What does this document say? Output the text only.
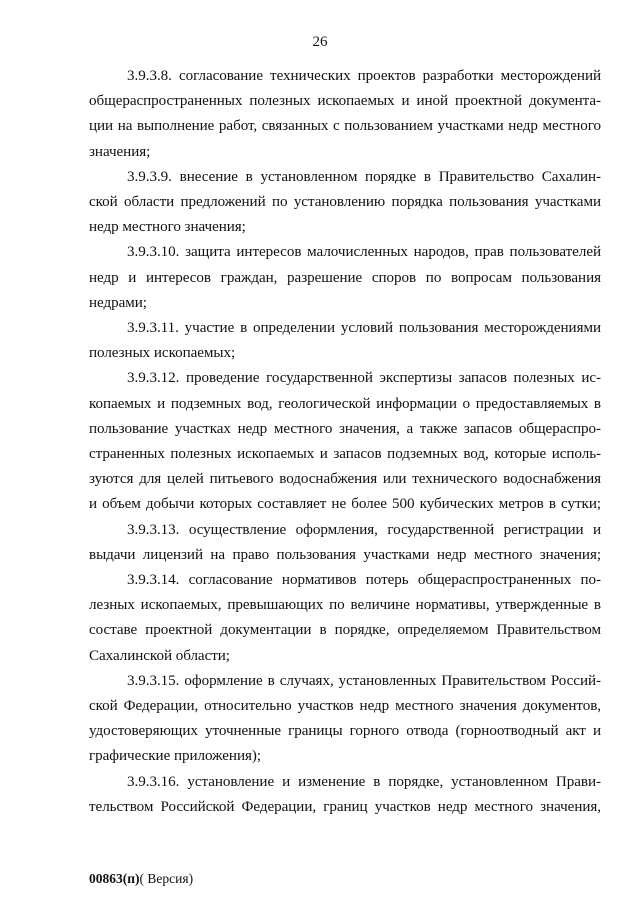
26

3.9.3.8. согласование технических проектов разработки месторождений
общераспространенных полезных ископаемых и иной проектной документа-
ции на выполнение работ, связанных с пользованием участками недр местного
значения;

3.9.3.9. внесение в установленном порядке в Правительство Сахалин-
ской области предложений по установлению порядка пользования участками
недр местного значения;

3.9.3.10. защита интересов малочисленных народов, прав пользователей
недр и интересов граждан, разрешение споров по вопросам пользования
недрами;

3.9.3.11. участие в определении условий пользования месторождениями
полезных ископаемых;

3.9.3.12. проведение государственной экспертизы запасов полезных ис-
копаемых и подземных вод, геологической информации о предоставляемых в
пользование участках недр местного значения, а также запасов общераспро-
страненных полезных ископаемых и запасов подземных вод, которые исполь-
зуются для целей питьевого водоснабжения или технического водоснабжения
и объем добычи которых составляет не более 500 кубических метров в сутки;

3.9.3.13. осуществление оформления, государственной регистрации и
выдачи лицензий на право пользования участками недр местного значения;

3.9.3.14. согласование нормативов потерь общераспространенных по-
лезных ископаемых, превышающих по величине нормативы, утвержденные в
составе проектной документации в порядке, определяемом Правительством
Сахалинской области;

3.9.3.15. оформление в случаях, установленных Правительством Россий-
ской Федерации, относительно участков недр местного значения документов,
удостоверяющих уточненные границы горного отвода (горноотводный акт и
графические приложения);

3.9.3.16. установление и изменение в порядке, установленном Прави-
тельством Российской Федерации, границ участков недр местного значения,

00863(п)( Версия)
